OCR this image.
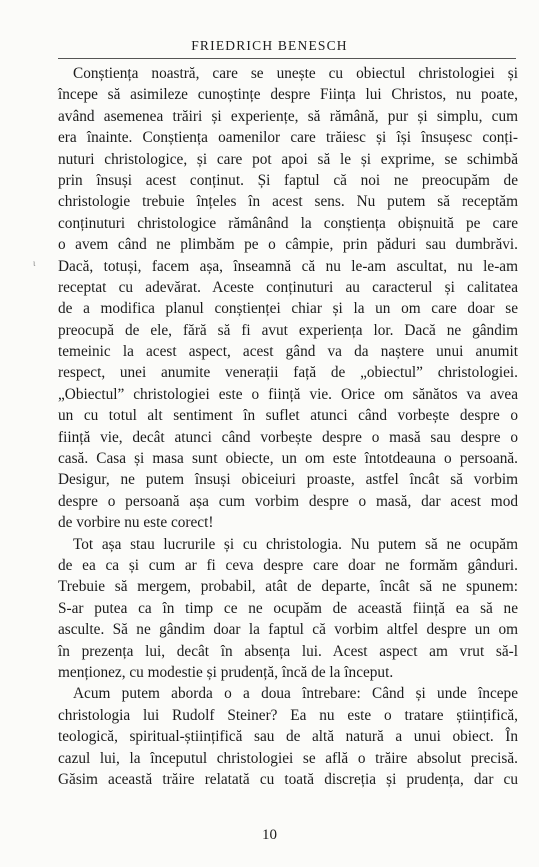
FRIEDRICH BENESCH
ι
Conștiența noastră, care se unește cu obiectul christologiei și
începe să asimileze cunoștințe despre Ființa lui Christos, nu poate,
având asemenea trăiri și experiențe, să rămână, pur și simplu, cum
era înainte. Conștiența oamenilor care trăiesc și își însușesc conți-
nuturi christologice, și care pot apoi să le și exprime, se schimbă
prin însuși acest conținut. Și faptul că noi ne preocupăm de
christologie trebuie înțeles în acest sens. Nu putem să receptăm
conținuturi christologice rămânând la conștiența obișnuită pe care
o avem când ne plimbăm pe o câmpie, prin păduri sau dumbrăvi.
Dacă, totuși, facem așa, înseamnă că nu le-am ascultat, nu le-am
receptat cu adevărat. Aceste conținuturi au caracterul și calitatea
de a modifica planul conștienței chiar și la un om care doar se
preocupă de ele, fără să fi avut experiența lor. Dacă ne gândim
temeinic la acest aspect, acest gând va da naștere unui anumit
respect, unei anumite venerații față de „obiectul” christologiei.
„Obiectul” christologiei este o ființă vie. Orice om sănătos va avea
un cu totul alt sentiment în suflet atunci când vorbește despre o
ființă vie, decât atunci când vorbește despre o masă sau despre o
casă. Casa și masa sunt obiecte, un om este întotdeauna o persoană.
Desigur, ne putem însuși obiceiuri proaste, astfel încât să vorbim
despre o persoană așa cum vorbim despre o masă, dar acest mod
de vorbire nu este corect!
Tot așa stau lucrurile și cu christologia. Nu putem să ne ocupăm
de ea ca și cum ar fi ceva despre care doar ne formăm gânduri.
Trebuie să mergem, probabil, atât de departe, încât să ne spunem:
S-ar putea ca în timp ce ne ocupăm de această ființă ea să ne
asculte. Să ne gândim doar la faptul că vorbim altfel despre un om
în prezența lui, decât în absența lui. Acest aspect am vrut să-l
menționez, cu modestie și prudență, încă de la început.
Acum putem aborda o a doua întrebare: Când și unde începe
christologia lui Rudolf Steiner? Ea nu este o tratare științifică,
teologică, spiritual-științifică sau de altă natură a unui obiect. În
cazul lui, la începutul christologiei se află o trăire absolut precisă.
Găsim această trăire relatată cu toată discreția și prudența, dar cu
10
